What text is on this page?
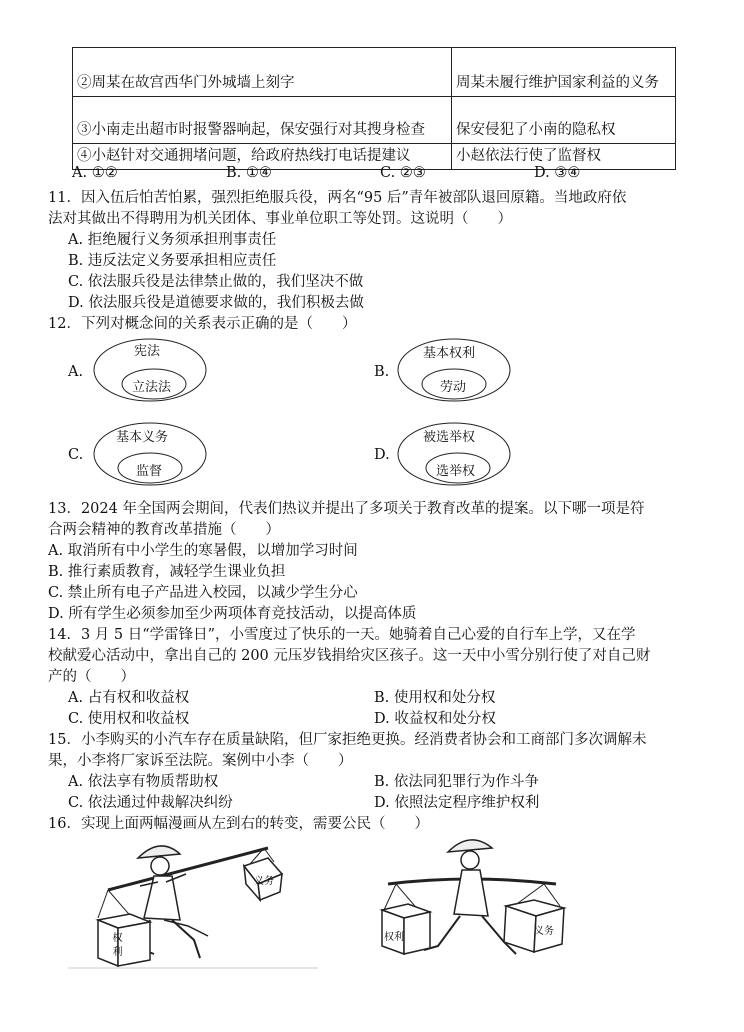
②周某在故宫西华门外城墙上刻字	周某未履行维护国家利益的义务
③小南走出超市时报警器响起，保安强行对其搜身检查	保安侵犯了小南的隐私权
④小赵针对交通拥堵问题，给政府热线打电话提建议	小赵依法行使了监督权
A. ①②	B. ①④	C. ②③	D. ③④
11．因入伍后怕苦怕累，强烈拒绝服兵役，两名“95 后”青年被部队退回原籍。当地政府依
法对其做出不得聘用为机关团体、事业单位职工等处罚。这说明（　　）
A. 拒绝履行义务须承担刑事责任
B. 违反法定义务要承担相应责任
C. 依法服兵役是法律禁止做的，我们坚决不做
D. 依法服兵役是道德要求做的，我们积极去做
12．下列对概念间的关系表示正确的是（　　）
A.
宪法
立法法
B.
基本权利
劳动
C.
基本义务
监督
D.
被选举权
选举权
13．2024 年全国两会期间，代表们热议并提出了多项关于教育改革的提案。以下哪一项是符
合两会精神的教育改革措施（　　）
A. 取消所有中小学生的寒暑假，以增加学习时间
B. 推行素质教育，减轻学生课业负担
C. 禁止所有电子产品进入校园，以减少学生分心
D. 所有学生必须参加至少两项体育竞技活动，以提高体质
14．3 月 5 日“学雷锋日”，小雪度过了快乐的一天。她骑着自己心爱的自行车上学，又在学
校献爱心活动中，拿出自己的 200 元压岁钱捐给灾区孩子。这一天中小雪分别行使了对自己财
产的（　　）
A. 占有权和收益权	B. 使用权和处分权
C. 使用权和收益权	D. 收益权和处分权
15．小李购买的小汽车存在质量缺陷，但厂家拒绝更换。经消费者协会和工商部门多次调解未
果，小李将厂家诉至法院。案例中小李（　　）
A. 依法享有物质帮助权	B. 依法同犯罪行为作斗争
C. 依法通过仲裁解决纠纷	D. 依照法定程序维护权利
16．实现上面两幅漫画从左到右的转变，需要公民（　　）
权利
义务
权利
义务
